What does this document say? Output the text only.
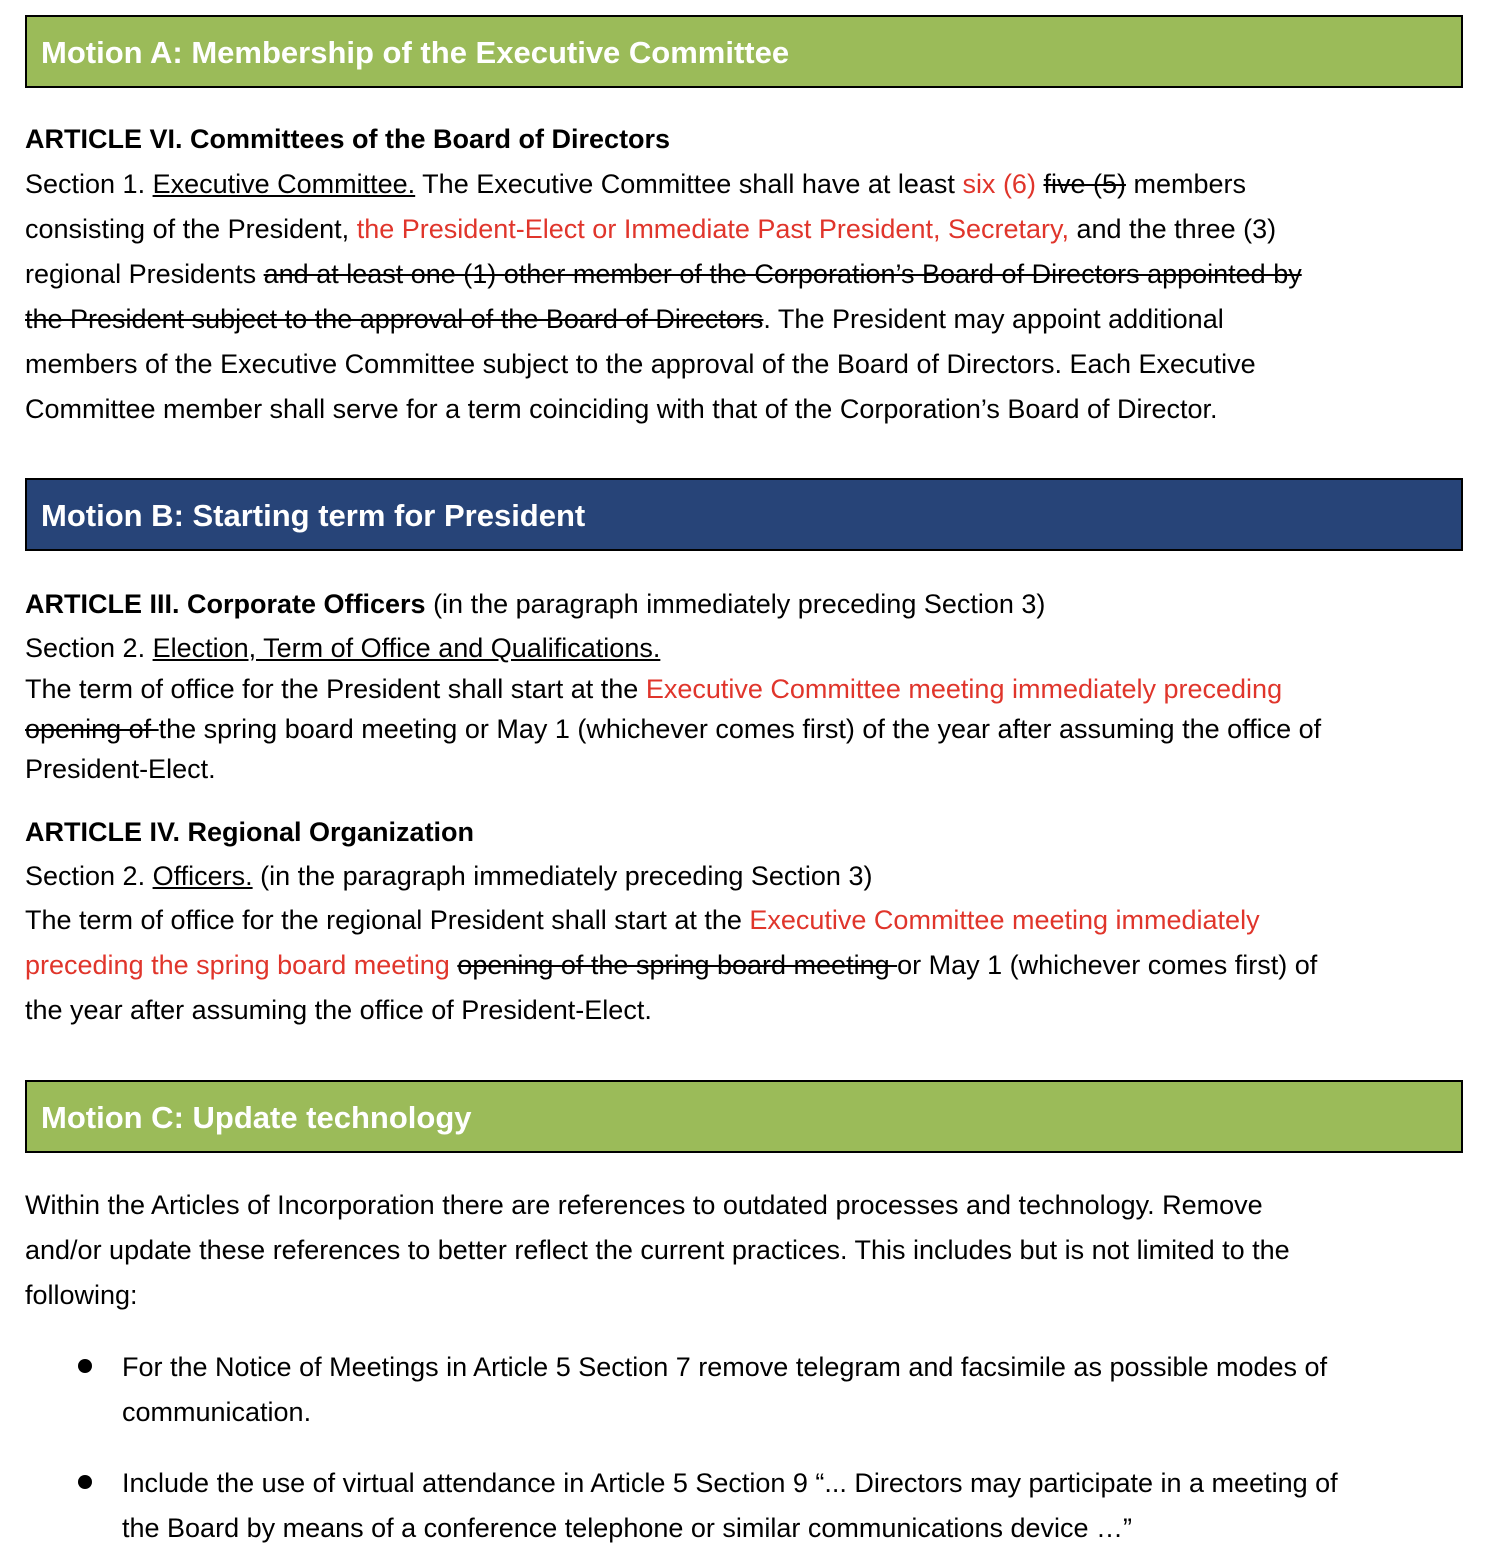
Motion A: Membership of the Executive Committee
ARTICLE VI. Committees of the Board of Directors
Section 1. Executive Committee. The Executive Committee shall have at least six (6) five (5) members
consisting of the President, the President-Elect or Immediate Past President, Secretary, and the three (3)
regional Presidents and at least one (1) other member of the Corporation’s Board of Directors appointed by
the President subject to the approval of the Board of Directors. The President may appoint additional
members of the Executive Committee subject to the approval of the Board of Directors. Each Executive
Committee member shall serve for a term coinciding with that of the Corporation’s Board of Director.
Motion B: Starting term for President
ARTICLE III. Corporate Officers (in the paragraph immediately preceding Section 3)
Section 2. Election, Term of Office and Qualifications.
The term of office for the President shall start at the Executive Committee meeting immediately preceding
opening of the spring board meeting or May 1 (whichever comes first) of the year after assuming the office of
President-Elect.
ARTICLE IV. Regional Organization
Section 2. Officers. (in the paragraph immediately preceding Section 3)
The term of office for the regional President shall start at the Executive Committee meeting immediately
preceding the spring board meeting opening of the spring board meeting or May 1 (whichever comes first) of
the year after assuming the office of President-Elect.
Motion C: Update technology
Within the Articles of Incorporation there are references to outdated processes and technology. Remove
and/or update these references to better reflect the current practices. This includes but is not limited to the
following:
For the Notice of Meetings in Article 5 Section 7 remove telegram and facsimile as possible modes of
communication.
Include the use of virtual attendance in Article 5 Section 9 “... Directors may participate in a meeting of
the Board by means of a conference telephone or similar communications device …”
